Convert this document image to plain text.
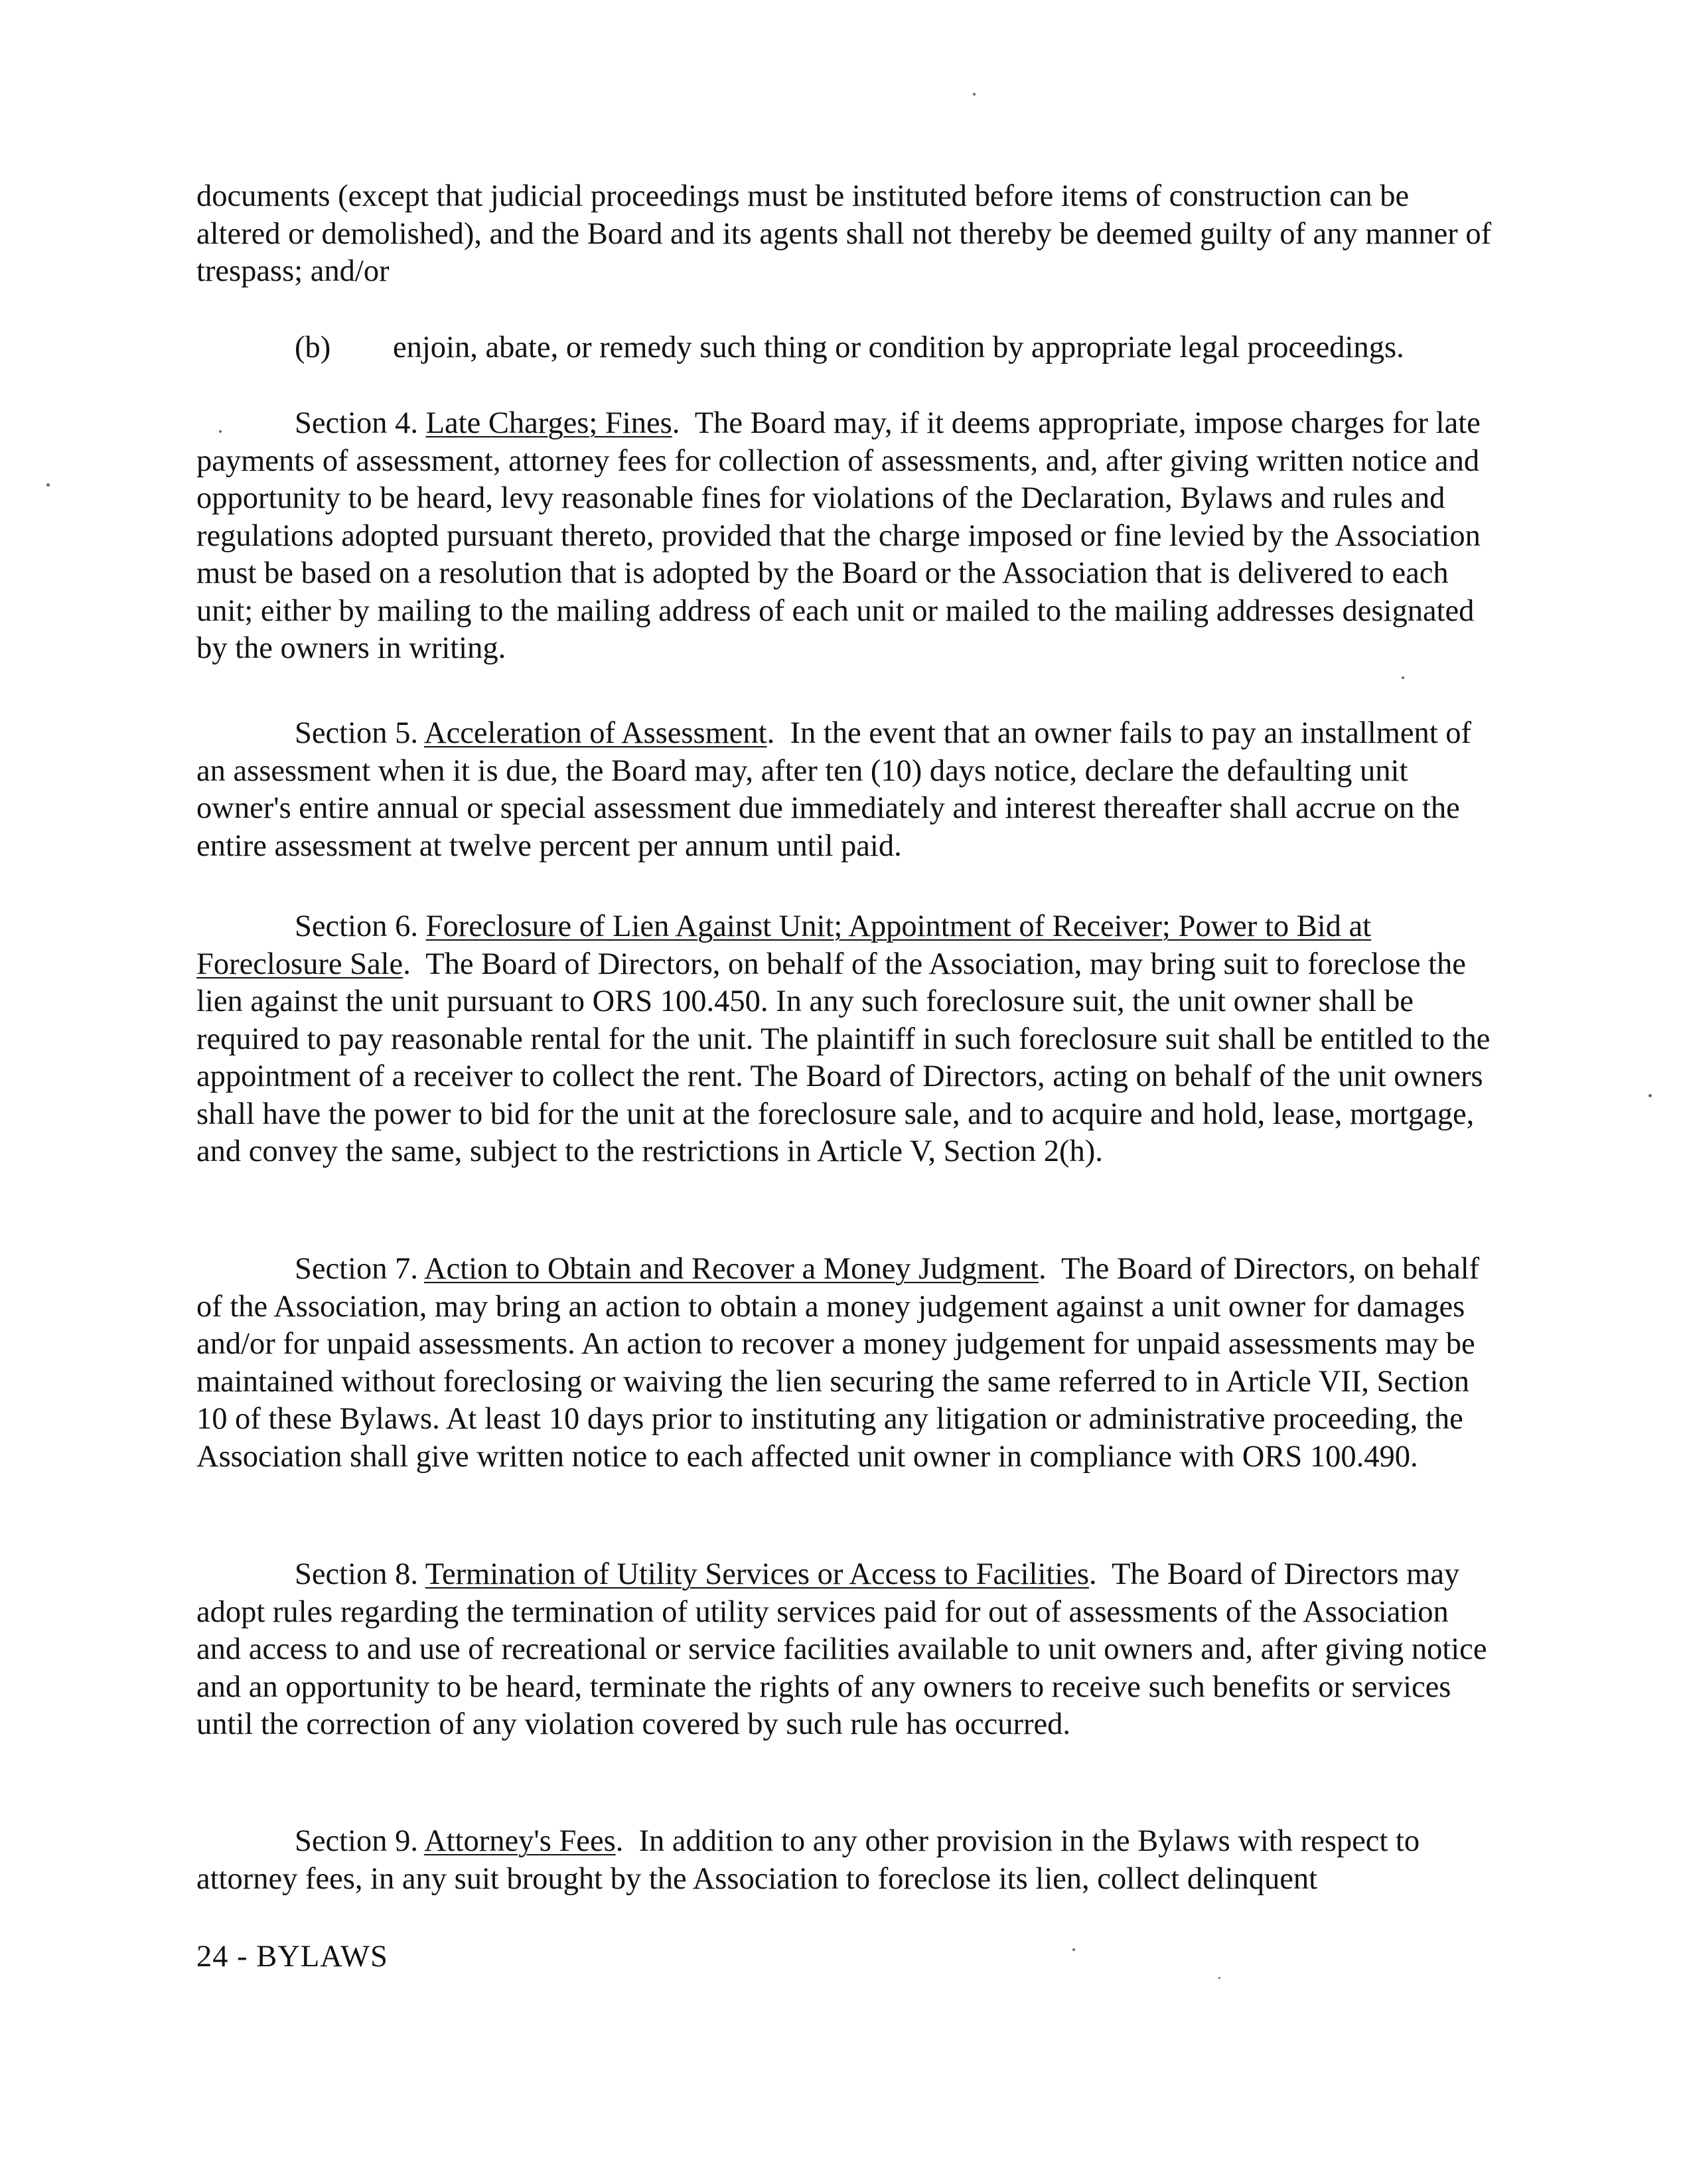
documents (except that judicial proceedings must be instituted before items of construction can be altered or demolished), and the Board and its agents shall not thereby be deemed guilty of any manner of trespass; and/or

(b) enjoin, abate, or remedy such thing or condition by appropriate legal proceedings.

Section 4. Late Charges; Fines.  The Board may, if it deems appropriate, impose charges for late payments of assessment, attorney fees for collection of assessments, and, after giving written notice and opportunity to be heard, levy reasonable fines for violations of the Declaration, Bylaws and rules and regulations adopted pursuant thereto, provided that the charge imposed or fine levied by the Association must be based on a resolution that is adopted by the Board or the Association that is delivered to each unit; either by mailing to the mailing address of each unit or mailed to the mailing addresses designated by the owners in writing.

Section 5. Acceleration of Assessment.  In the event that an owner fails to pay an installment of an assessment when it is due, the Board may, after ten (10) days notice, declare the defaulting unit owner's entire annual or special assessment due immediately and interest thereafter shall accrue on the entire assessment at twelve percent per annum until paid.

Section 6. Foreclosure of Lien Against Unit; Appointment of Receiver; Power to Bid at Foreclosure Sale.  The Board of Directors, on behalf of the Association, may bring suit to foreclose the lien against the unit pursuant to ORS 100.450. In any such foreclosure suit, the unit owner shall be required to pay reasonable rental for the unit. The plaintiff in such foreclosure suit shall be entitled to the appointment of a receiver to collect the rent. The Board of Directors, acting on behalf of the unit owners shall have the power to bid for the unit at the foreclosure sale, and to acquire and hold, lease, mortgage, and convey the same, subject to the restrictions in Article V, Section 2(h).

Section 7. Action to Obtain and Recover a Money Judgment.  The Board of Directors, on behalf of the Association, may bring an action to obtain a money judgement against a unit owner for damages and/or for unpaid assessments. An action to recover a money judgement for unpaid assessments may be maintained without foreclosing or waiving the lien securing the same referred to in Article VII, Section 10 of these Bylaws. At least 10 days prior to instituting any litigation or administrative proceeding, the Association shall give written notice to each affected unit owner in compliance with ORS 100.490.

Section 8. Termination of Utility Services or Access to Facilities.  The Board of Directors may adopt rules regarding the termination of utility services paid for out of assessments of the Association and access to and use of recreational or service facilities available to unit owners and, after giving notice and an opportunity to be heard, terminate the rights of any owners to receive such benefits or services until the correction of any violation covered by such rule has occurred.

Section 9. Attorney's Fees.  In addition to any other provision in the Bylaws with respect to attorney fees, in any suit brought by the Association to foreclose its lien, collect delinquent

24 - BYLAWS
